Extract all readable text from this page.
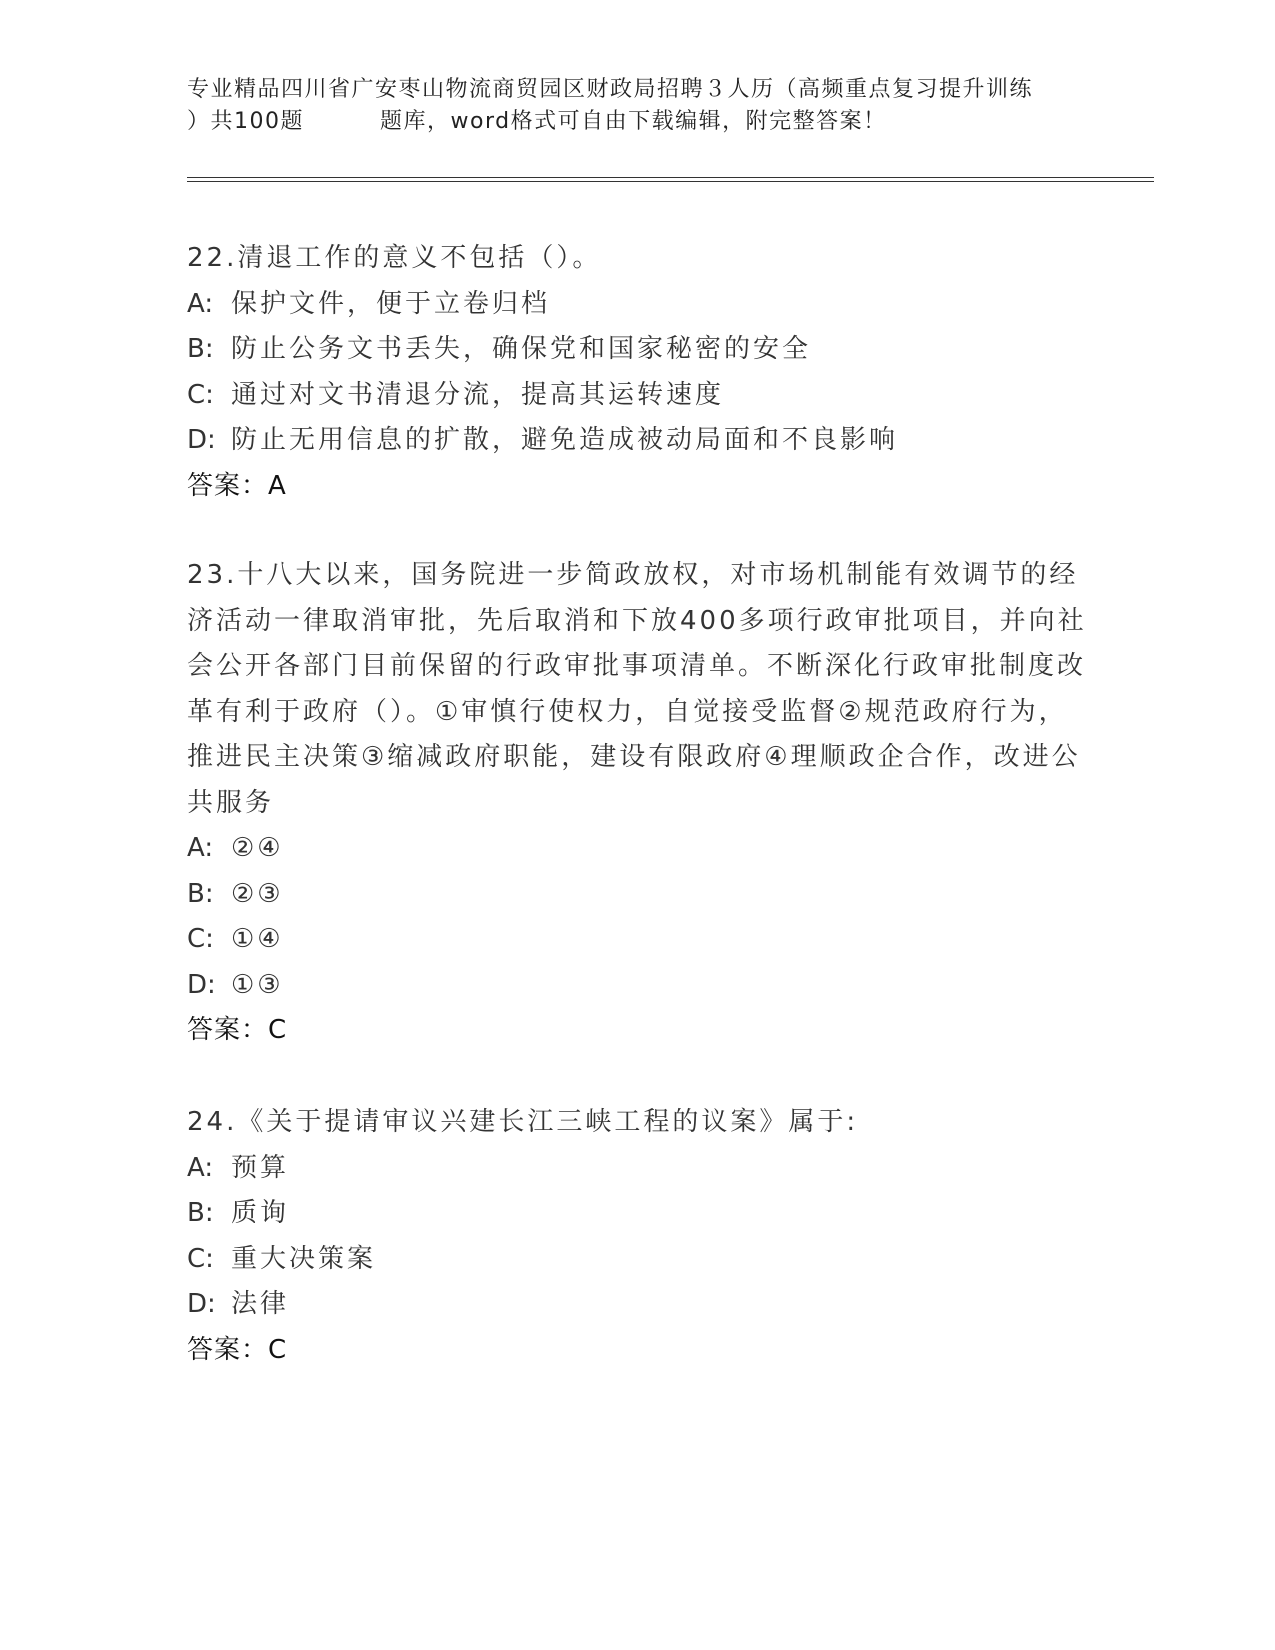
专业精品四川省广安枣山物流商贸园区财政局招聘３人历（高频重点复习提升训练
）共100题	题库，word格式可自由下载编辑，附完整答案！

22.清退工作的意义不包括（）。

A: 保护文件，便于立卷归档

B: 防止公务文书丢失，确保党和国家秘密的安全

C: 通过对文书清退分流，提高其运转速度

D: 防止无用信息的扩散，避免造成被动局面和不良影响

答案：A

23.十八大以来，国务院进一步简政放权，对市场机制能有效调节的经济活动一律取消审批，先后取消和下放400多项行政审批项目，并向社会公开各部门目前保留的行政审批事项清单。不断深化行政审批制度改革有利于政府（）。①审慎行使权力，自觉接受监督②规范政府行为，推进民主决策③缩减政府职能，建设有限政府④理顺政企合作，改进公共服务

A: ②④

B: ②③

C: ①④

D: ①③

答案：C

24.《关于提请审议兴建长江三峡工程的议案》属于:

A: 预算

B: 质询

C: 重大决策案

D: 法律

答案：C
